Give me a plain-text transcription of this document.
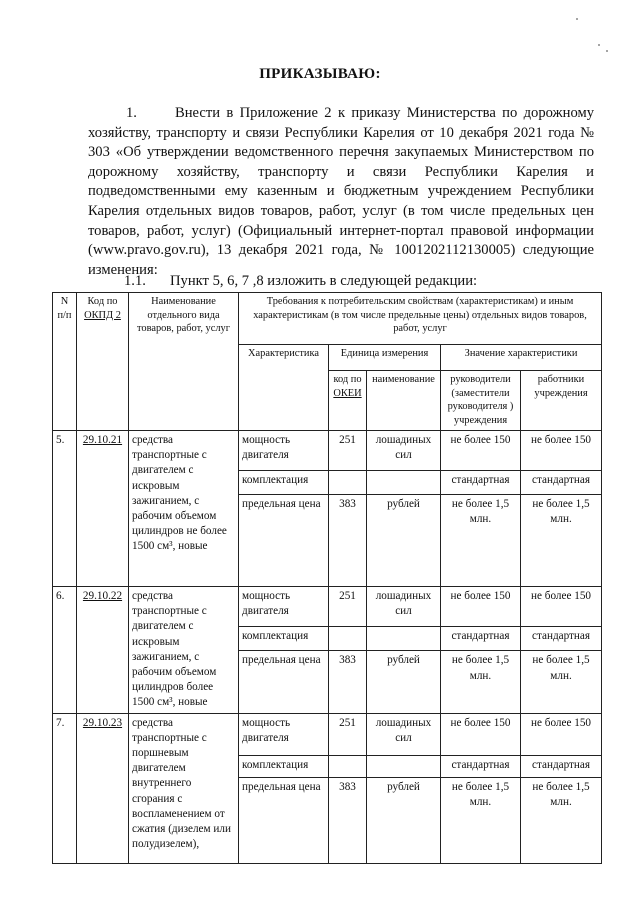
ПРИКАЗЫВАЮ:
1.      Внести в Приложение 2 к приказу Министерства по дорожному хозяйству, транспорту и связи Республики Карелия от 10 декабря 2021 года № 303 «Об утверждении ведомственного перечня закупаемых Министерством по дорожному хозяйству, транспорту и связи Республики Карелия и подведомственными ему казенным и бюджетным учреждением Республики Карелия отдельных видов товаров, работ, услуг (в том числе предельных цен товаров, работ, услуг) (Официальный интернет-портал правовой информации (www.pravo.gov.ru), 13 декабря 2021 года, № 1001202112130005) следующие изменения:
1.1. Пункт 5, 6, 7 ,8 изложить в следующей редакции:
N п/п	Код по ОКПД 2	Наименование отдельного вида товаров, работ, услуг	Требования к потребительским свойствам (характеристикам) и иным характеристикам (в том числе предельные цены) отдельных видов товаров, работ, услуг				
			Характеристика	Единица измерения		Значение характеристики	
				код по ОКЕИ	наименование	руководители (заместители руководителя ) учреждения	работники учреждения
5.	29.10.21	средства транспортные с двигателем с искровым зажиганием, с рабочим объемом цилиндров не более 1500 см³, новые	мощность двигателя	251	лошадиных сил	не более 150	не более 150
			комплектация			стандартная	стандартная
			предельная цена	383	рублей	не более 1,5 млн.	не более 1,5 млн.
6.	29.10.22	средства транспортные с двигателем с искровым зажиганием, с рабочим объемом цилиндров более 1500 см³, новые	мощность двигателя	251	лошадиных сил	не более 150	не более 150
			комплектация			стандартная	стандартная
			предельная цена	383	рублей	не более 1,5 млн.	не более 1,5 млн.
7.	29.10.23	средства транспортные с поршневым двигателем внутреннего сгорания с воспламенением от сжатия (дизелем или полудизелем),	мощность двигателя	251	лошадиных сил	не более 150	не более 150
			комплектация			стандартная	стандартная
			предельная цена	383	рублей	не более 1,5 млн.	не более 1,5 млн.
